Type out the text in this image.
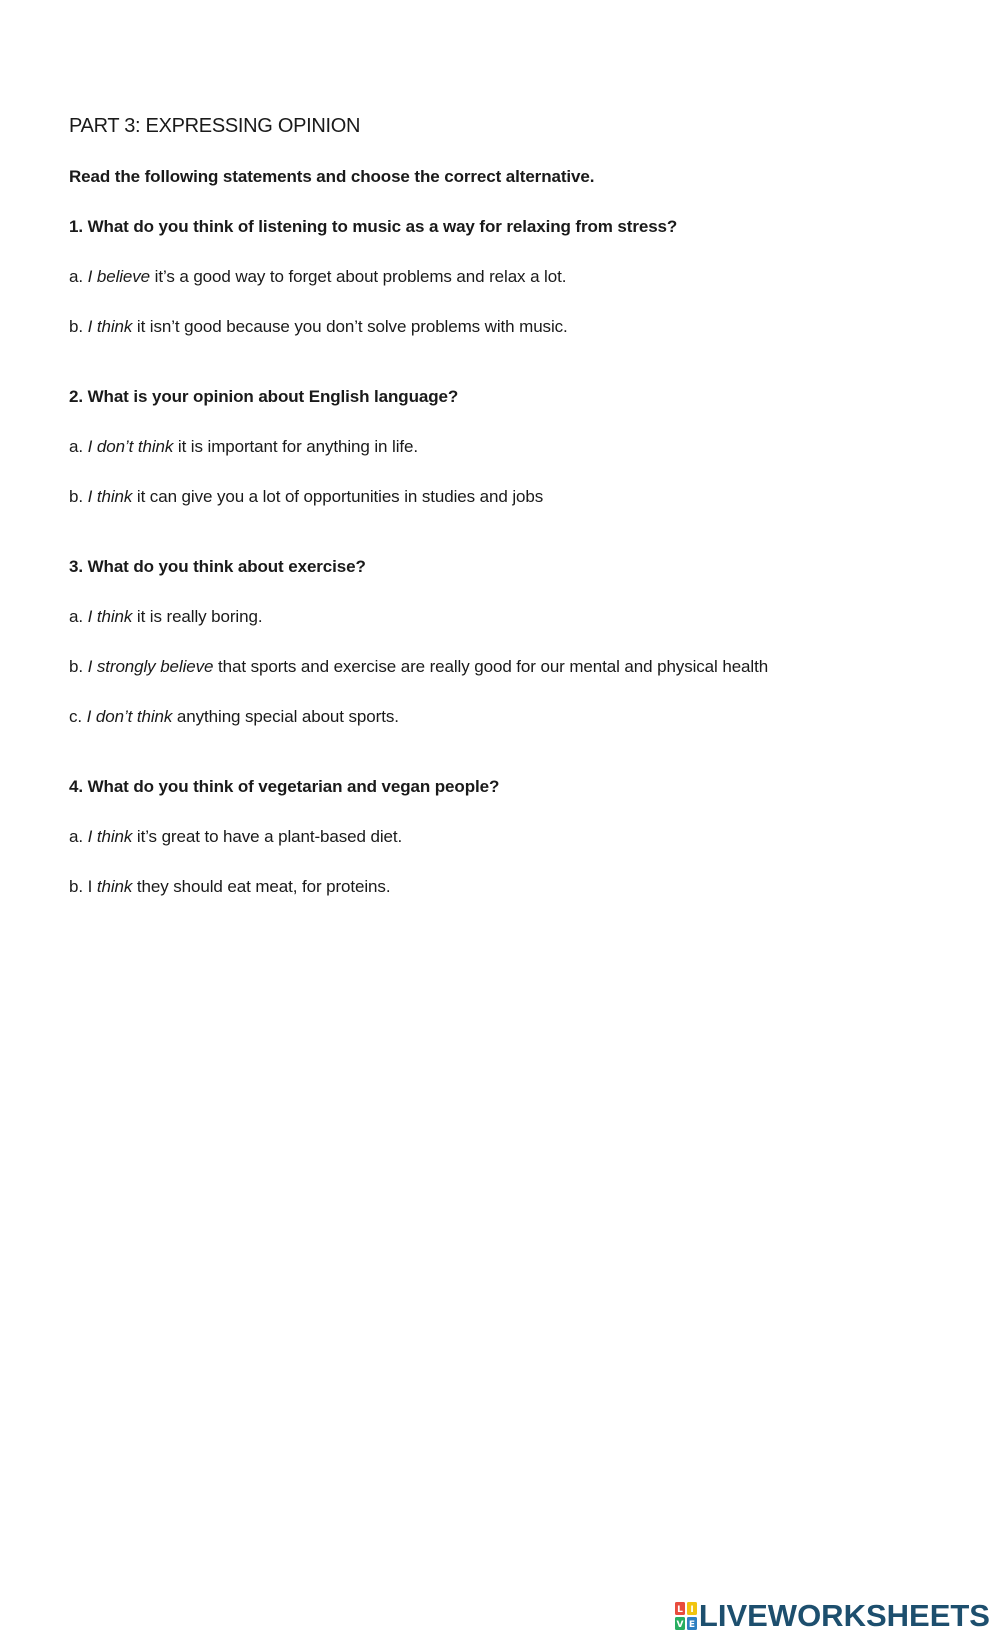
PART 3: EXPRESSING OPINION
Read the following statements and choose the correct alternative.
1. What do you think of listening to music as a way for relaxing from stress?
a. I believe it’s a good way to forget about problems and relax a lot.
b. I think it isn’t good because you don’t solve problems with music.
2. What is your opinion about English language?
a. I don’t think it is important for anything in life.
b. I think it can give you a lot of opportunities in studies and jobs
3. What do you think about exercise?
a. I think it is really boring.
b. I strongly believe that sports and exercise are really good for our mental and physical health
c. I don’t think anything special about sports.
4. What do you think of vegetarian and vegan people?
a. I think it’s great to have a plant-based diet.
b. I think they should eat meat, for proteins.
L I
V E LIVEWORKSHEETS
